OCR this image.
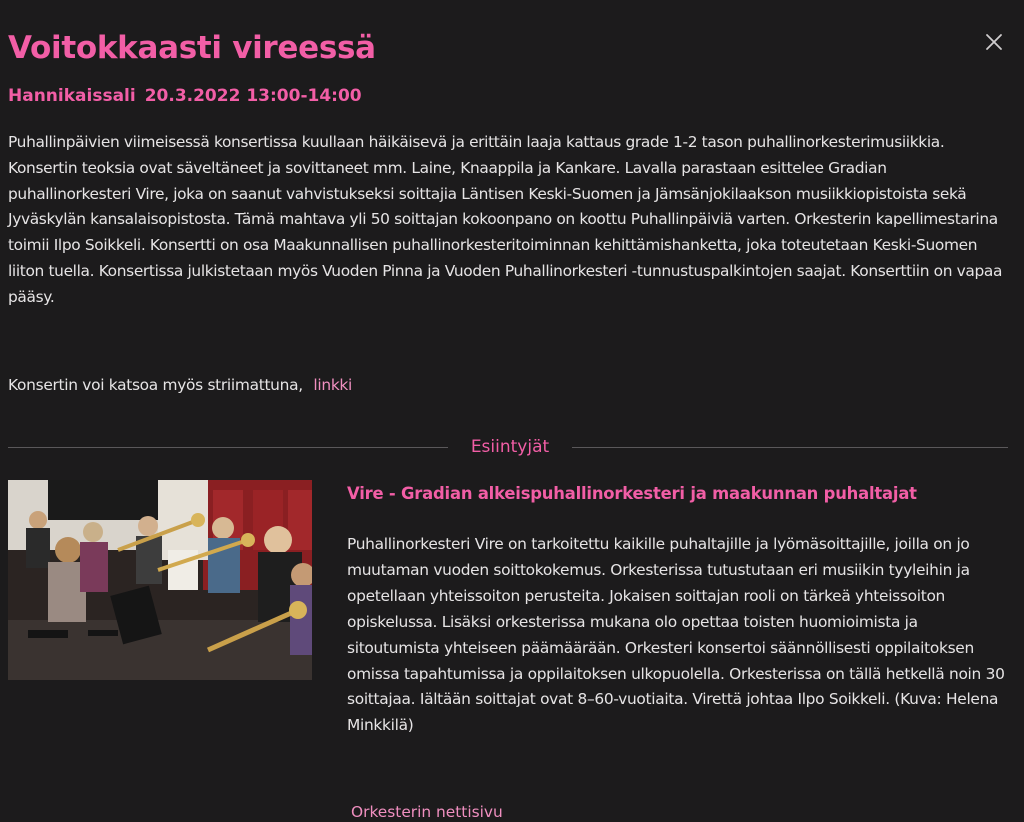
Voitokkaasti vireessä
Hannikaissali 20.3.2022 13:00-14:00

Puhallinpäivien viimeisessä konsertissa kuullaan häikäisevä ja erittäin laaja kattaus grade 1-2 tason puhallinorkesterimusiikkia. Konsertin teoksia ovat säveltäneet ja sovittaneet mm. Laine, Knaappila ja Kankare. Lavalla parastaan esittelee Gradian puhallinorkesteri Vire, joka on saanut vahvistukseksi soittajia Läntisen Keski-Suomen ja Jämsänjokilaakson musiikkiopistoista sekä Jyväskylän kansalaisopistosta. Tämä mahtava yli 50 soittajan kokoonpano on koottu Puhallinpäiviä varten. Orkesterin kapellimestarina toimii Ilpo Soikkeli. Konsertti on osa Maakunnallisen puhallinorkesteritoiminnan kehittämishanketta, joka toteutetaan Keski-Suomen liiton tuella. Konsertissa julkistetaan myös Vuoden Pinna ja Vuoden Puhallinorkesteri -tunnustuspalkintojen saajat. Konserttiin on vapaa pääsy.

Konsertin voi katsoa myös striimattuna, linkki
Esiintyjät
Vire - Gradian alkeispuhallinorkesteri ja maakunnan puhaltajat

Puhallinorkesteri Vire on tarkoitettu kaikille puhaltajille ja lyömäsoittajille, joilla on jo muutaman vuoden soittokokemus. Orkesterissa tutustutaan eri musiikin tyyleihin ja opetellaan yhteissoiton perusteita. Jokaisen soittajan rooli on tärkeä yhteissoiton opiskelussa. Lisäksi orkesterissa mukana olo opettaa toisten huomioimista ja sitoutumista yhteiseen päämäärään. Orkesteri konsertoi säännöllisesti oppilaitoksen omissa tapahtumissa ja oppilaitoksen ulkopuolella. Orkesterissa on tällä hetkellä noin 30 soittajaa. Iältään soittajat ovat 8–60-vuotiaita. Virettä johtaa Ilpo Soikkeli. (Kuva: Helena Minkkilä)

Orkesterin nettisivu
